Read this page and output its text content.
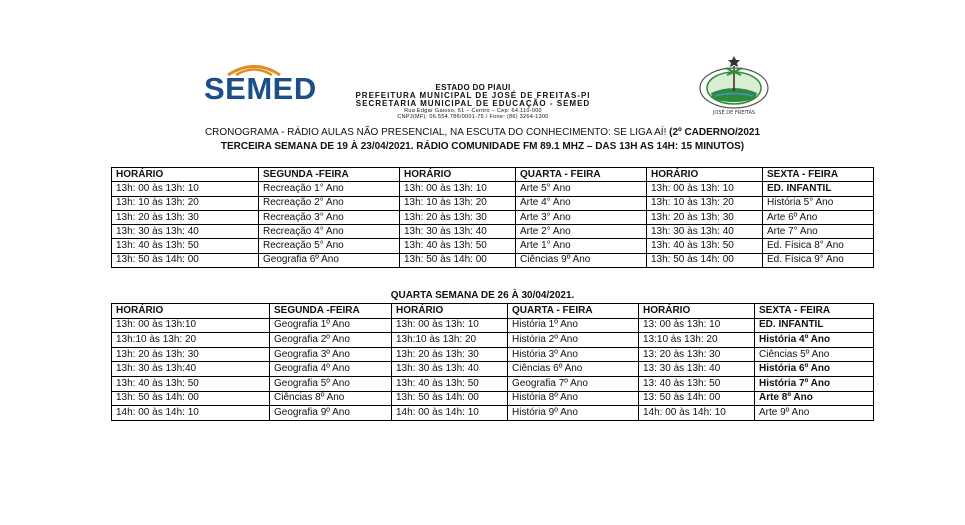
SEMED	ESTADO DO PIAUI
PREFEITURA MUNICIPAL DE JOSÉ DE FREITAS-PI
SECRETARIA MUNICIPAL DE EDUCAÇÃO - SEMED
Rua Edgar Gaioso, 61 – Centro – Cep: 64.110-000
CNPJ(MF): 06.554.786/0001-75 / Fone: (86) 3264-1300
JOSÉ DE FREITAS
CRONOGRAMA - RÁDIO AULAS NÃO PRESENCIAL, NA ESCUTA DO CONHECIMENTO: SE LIGA AÍ! (2º CADERNO/2021
TERCEIRA SEMANA DE 19 À 23/04/2021. RÁDIO COMUNIDADE FM 89.1 MHZ – DAS 13H AS 14H: 15 MINUTOS)
HORÁRIO	SEGUNDA -FEIRA	HORÁRIO	QUARTA - FEIRA	HORÁRIO	SEXTA - FEIRA
13h: 00 às 13h: 10	Recreação 1° Ano	13h: 00 às 13h: 10	Arte 5° Ano	13h: 00 às 13h: 10	ED. INFANTIL
13h: 10 às 13h: 20	Recreação 2° Ano	13h: 10 às 13h: 20	Arte 4° Ano	13h: 10 às 13h: 20	História 5° Ano
13h: 20 às 13h: 30	Recreação 3° Ano	13h: 20 às 13h: 30	Arte 3° Ano	13h: 20 às 13h: 30	Arte 6º Ano
13h: 30 às 13h: 40	Recreação 4° Ano	13h: 30 às 13h: 40	Arte 2° Ano	13h: 30 às 13h: 40	Arte 7° Ano
13h: 40 às 13h: 50	Recreação 5° Ano	13h: 40 às 13h: 50	Arte 1° Ano	13h: 40 às 13h: 50	Ed. Física 8° Ano
13h: 50 às 14h: 00	Geografia 6º Ano	13h: 50 às 14h: 00	Ciências 9º Ano	13h: 50 às 14h: 00	Ed. Física 9° Ano
QUARTA SEMANA DE 26 À 30/04/2021.
HORÁRIO	SEGUNDA -FEIRA	HORÁRIO	QUARTA - FEIRA	HORÁRIO	SEXTA - FEIRA
13h: 00 às 13h:10	Geografia 1º Ano	13h: 00 às 13h: 10	História 1º Ano	13: 00 às 13h: 10	ED. INFANTIL
13h:10 às 13h: 20	Geografia 2º Ano	13h:10 às 13h: 20	História 2º Ano	13:10 às 13h: 20	História 4º Ano
13h: 20 às 13h: 30	Geografia 3º Ano	13h: 20 às 13h: 30	História 3º Ano	13: 20 às 13h: 30	Ciências 5º Ano
13h: 30 às 13h:40	Geografia 4º Ano	13h: 30 às 13h: 40	Ciências 6º Ano	13: 30 às 13h: 40	História 6º Ano
13h: 40 às 13h: 50	Geografia 5º Ano	13h: 40 às 13h: 50	Geografia 7º Ano	13: 40 às 13h: 50	História 7º Ano
13h: 50 às 14h: 00	Ciências 8º Ano	13h: 50 às 14h: 00	História 8º Ano	13: 50 às 14h: 00	Arte 8º Ano
14h: 00 às 14h: 10	Geografia 9º Ano	14h: 00 às 14h: 10	História 9º Ano	14h: 00 às 14h: 10	Arte 9º Ano
